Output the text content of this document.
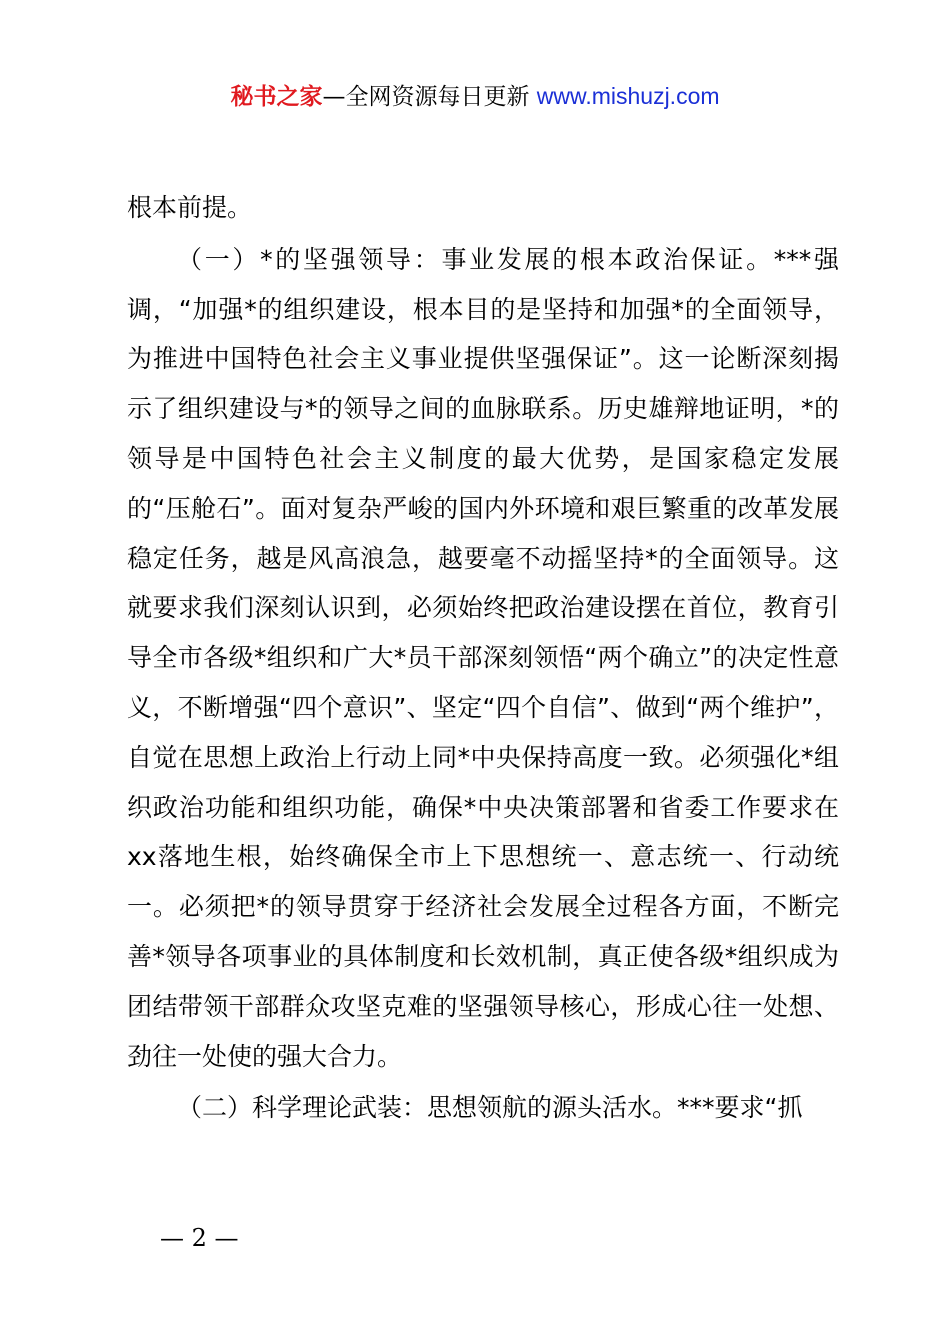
秘书之家—全网资源每日更新 www.mishuzj.com

根本前提。

（一）*的坚强领导：事业发展的根本政治保证。***强调，“加强*的组织建设，根本目的是坚持和加强*的全面领导，为推进中国特色社会主义事业提供坚强保证”。这一论断深刻揭示了组织建设与*的领导之间的血脉联系。历史雄辩地证明，*的领导是中国特色社会主义制度的最大优势，是国家稳定发展的“压舱石”。面对复杂严峻的国内外环境和艰巨繁重的改革发展稳定任务，越是风高浪急，越要毫不动摇坚持*的全面领导。这就要求我们深刻认识到，必须始终把政治建设摆在首位，教育引导全市各级*组织和广大*员干部深刻领悟“两个确立”的决定性意义，不断增强“四个意识”、坚定“四个自信”、做到“两个维护”，自觉在思想上政治上行动上同*中央保持高度一致。必须强化*组织政治功能和组织功能，确保*中央决策部署和省委工作要求在xx落地生根，始终确保全市上下思想统一、意志统一、行动统一。必须把*的领导贯穿于经济社会发展全过程各方面，不断完善*领导各项事业的具体制度和长效机制，真正使各级*组织成为团结带领干部群众攻坚克难的坚强领导核心，形成心往一处想、劲往一处使的强大合力。

（二）科学理论武装：思想领航的源头活水。***要求“抓

— 2 —
